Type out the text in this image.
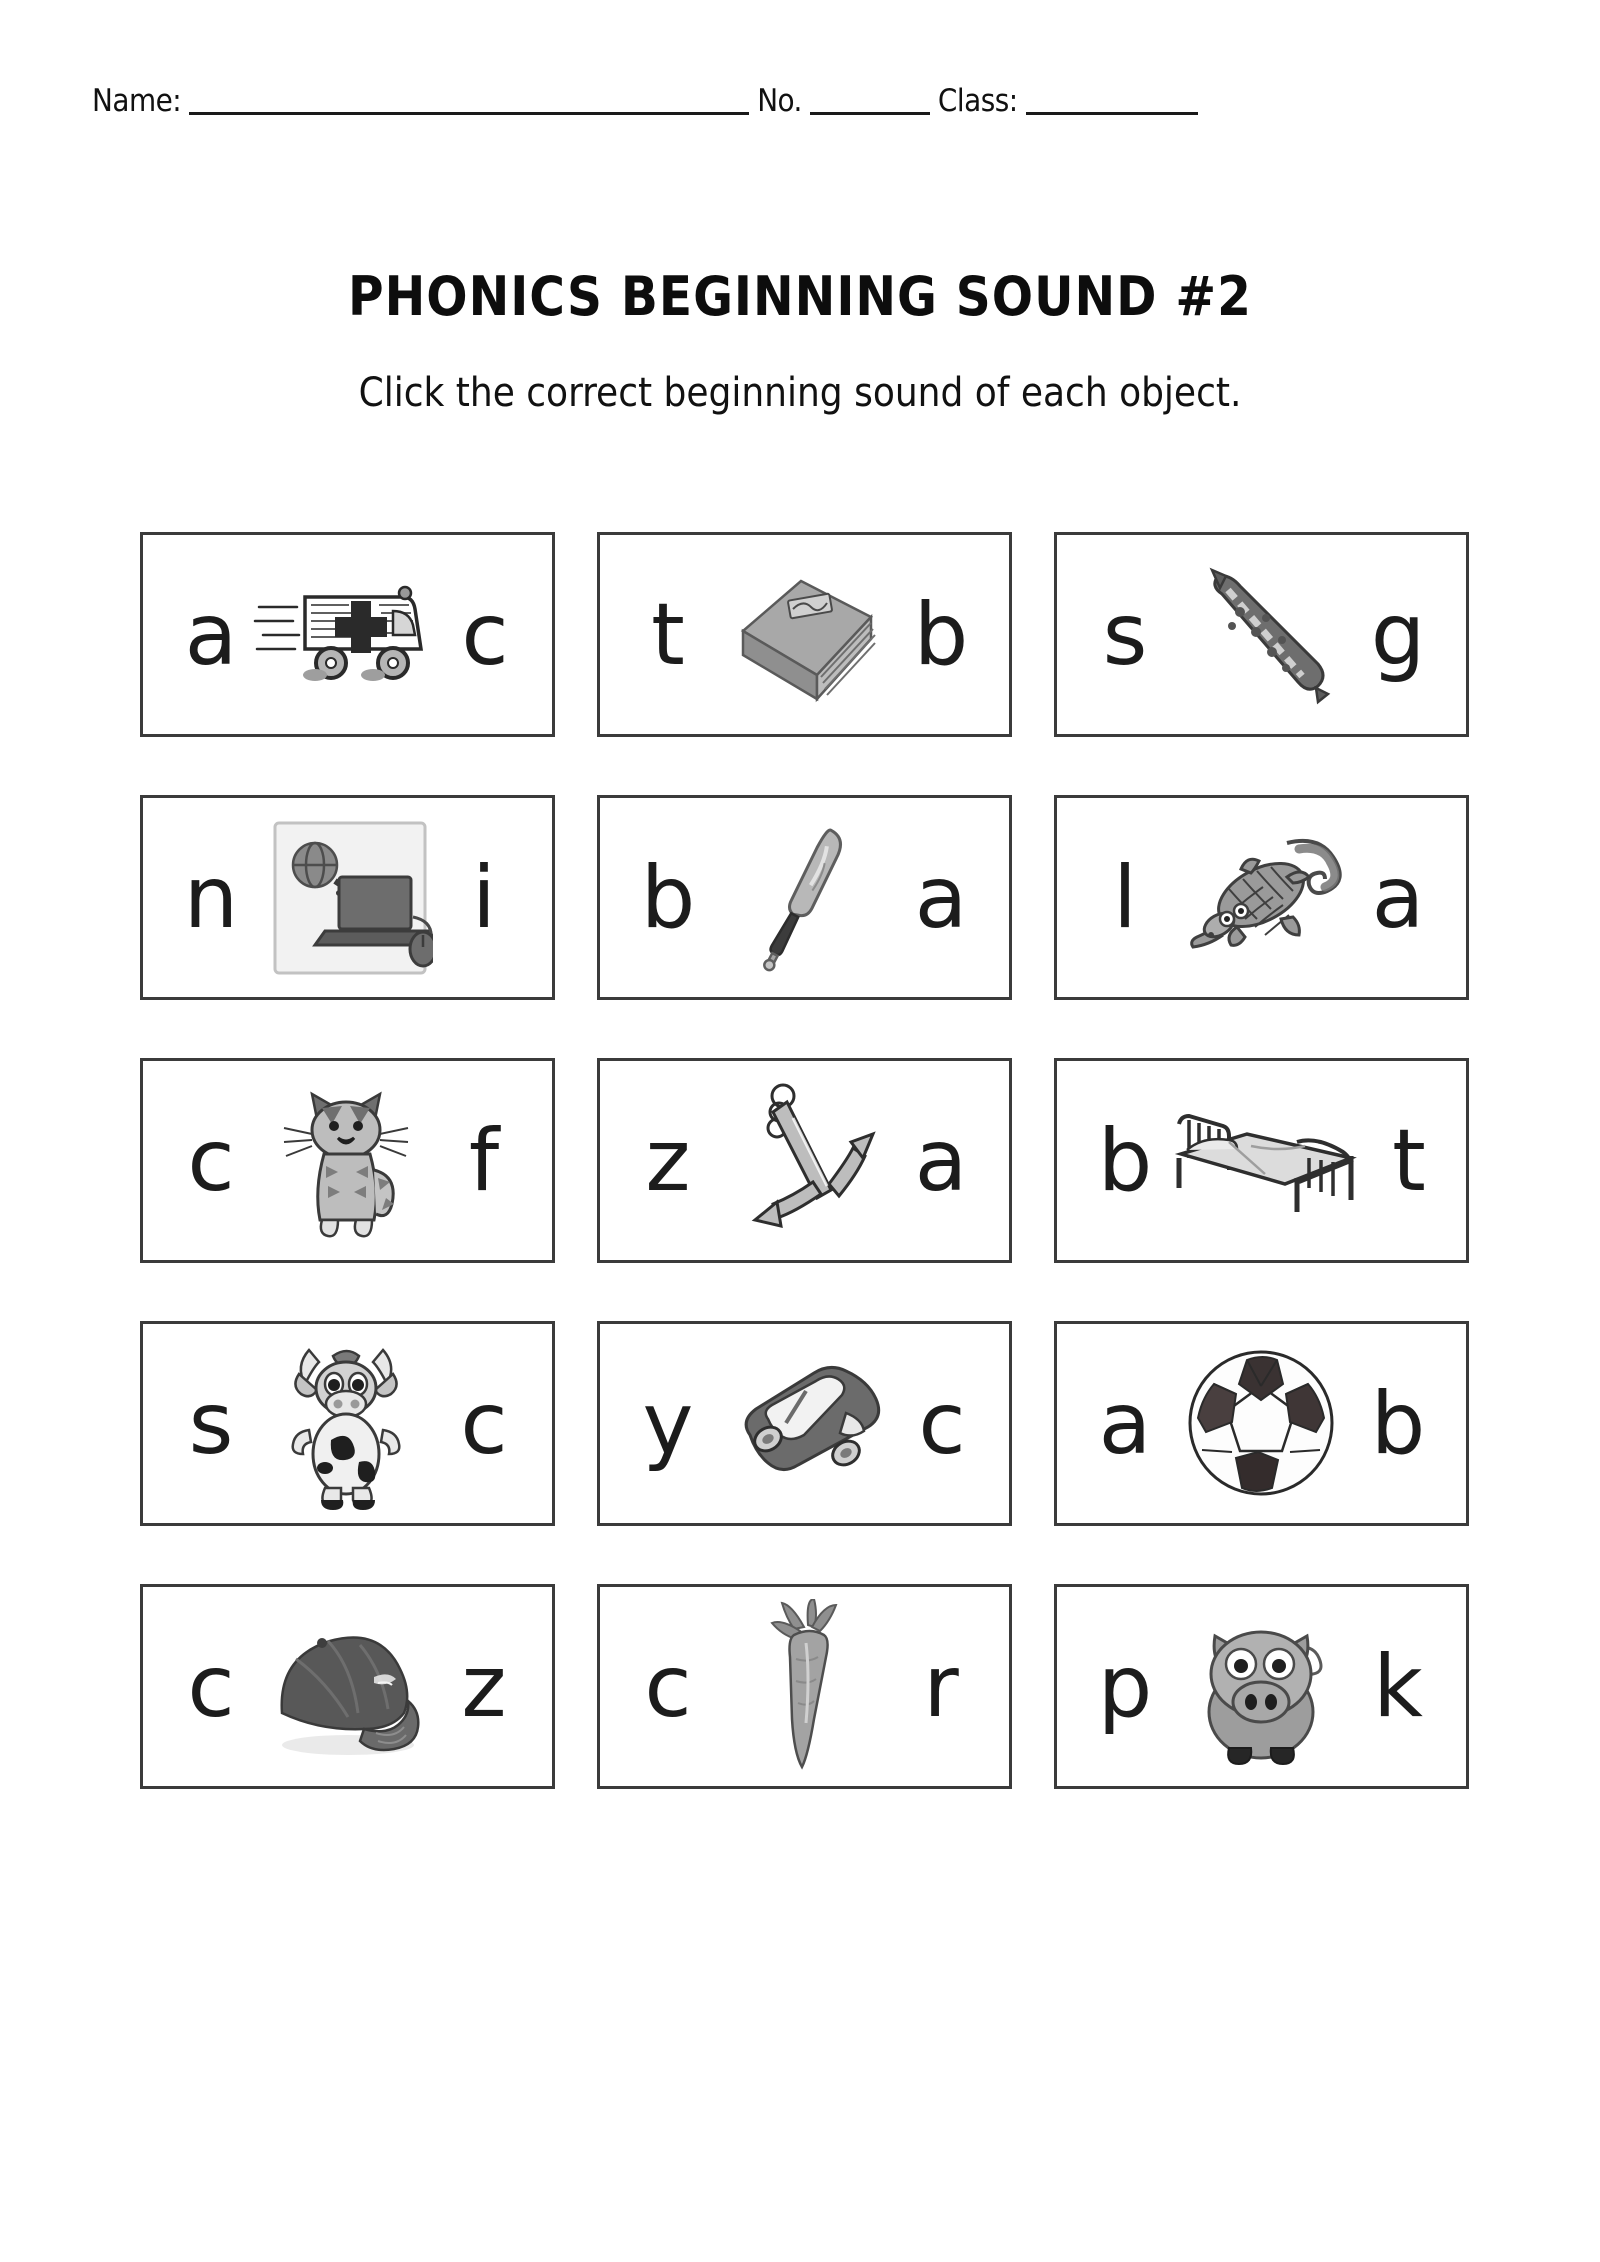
Name:	No.	Class:
PHONICS BEGINNING SOUND #2
Click the correct beginning sound of each object.
a	c t	b s	g
n	i	b	a	l	a
c	f	z	a b	t
s	c y	c a	b
c	z c	r p	k
